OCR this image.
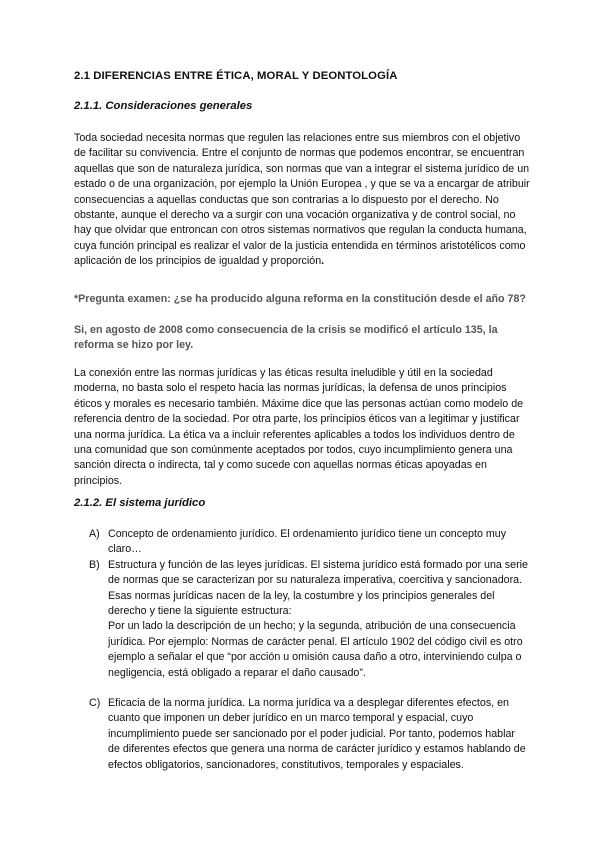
2.1 DIFERENCIAS ENTRE ÉTICA, MORAL Y DEONTOLOGÍA
2.1.1. Consideraciones generales

Toda sociedad necesita normas que regulen las relaciones entre sus miembros con el objetivo de facilitar su convivencia. Entre el conjunto de normas que podemos encontrar, se encuentran aquellas que son de naturaleza jurídica, son normas que van a integrar el sistema jurídico de un estado o de una organización, por ejemplo la Unión Europea , y que se va a encargar de atribuir consecuencias a aquellas conductas que son contrarias a lo dispuesto por el derecho. No obstante, aunque el derecho va a surgir con una vocación organizativa y de control social, no hay que olvidar que entroncan con otros sistemas normativos que regulan la conducta humana, cuya función principal es realizar el valor de la justicia entendida en términos aristotélicos como aplicación de los principios de igualdad y proporción.

*Pregunta examen: ¿se ha producido alguna reforma en la constitución desde el año 78?

Si, en agosto de 2008 como consecuencia de la crisis se modificó el artículo 135, la reforma se hizo por ley.

La conexión entre las normas jurídicas y las éticas resulta ineludible y útil en la sociedad moderna, no basta solo el respeto hacia las normas jurídicas, la defensa de unos principios éticos y morales es necesario también. Máxime dice que las personas actúan como modelo de referencia dentro de la sociedad. Por otra parte, los principios éticos van a legitimar y justificar una norma jurídica. La ética va a incluir referentes aplicables a todos los individuos dentro de una comunidad que son comúnmente aceptados por todos, cuyo incumplimiento genera una sanción directa o indirecta, tal y como sucede con aquellas normas éticas apoyadas en principios.

2.1.2. El sistema jurídico
A) Concepto de ordenamiento jurídico. El ordenamiento jurídico tiene un concepto muy claro…
B) Estructura y función de las leyes jurídicas. El sistema jurídico está formado por una serie de normas que se caracterizan por su naturaleza imperativa, coercitiva y sancionadora. Esas normas jurídicas nacen de la ley, la costumbre y los principios generales del derecho y tiene la siguiente estructura:
Por un lado la descripción de un hecho; y la segunda, atribución de una consecuencia jurídica. Por ejemplo: Normas de carácter penal. El artículo 1902 del código civil es otro ejemplo a señalar el que “por acción u omisión causa daño a otro, interviniendo culpa o negligencia, está obligado a reparar el daño causado”.
C) Eficacia de la norma jurídica. La norma jurídica va a desplegar diferentes efectos, en cuanto que imponen un deber jurídico en un marco temporal y espacial, cuyo incumplimiento puede ser sancionado por el poder judicial. Por tanto, podemos hablar de diferentes efectos que genera una norma de carácter jurídico y estamos hablando de efectos obligatorios, sancionadores, constitutivos, temporales y espaciales.
